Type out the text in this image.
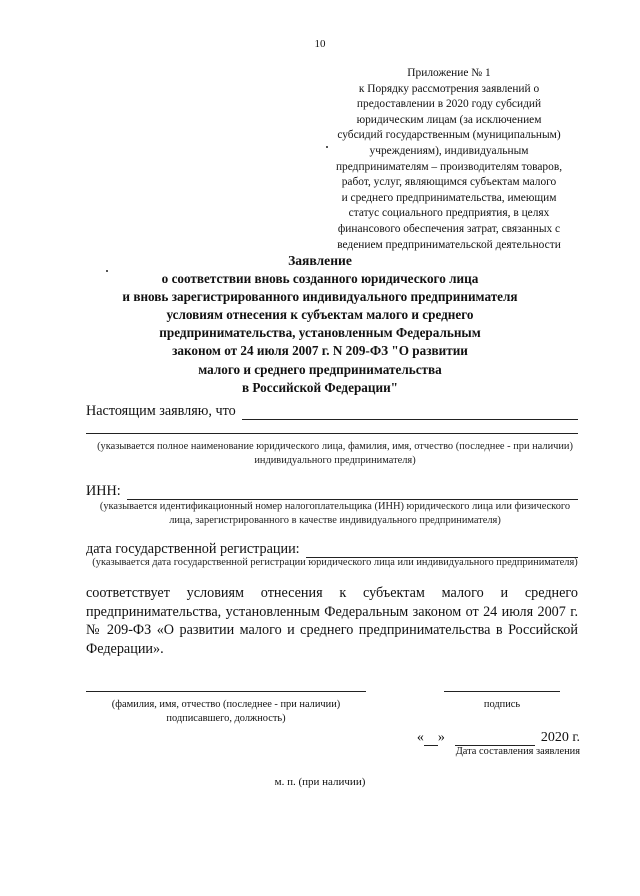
10
Приложение № 1
к Порядку рассмотрения заявлений о
предоставлении в 2020 году субсидий
юридическим лицам (за исключением
субсидий государственным (муниципальным)
учреждениям), индивидуальным
предпринимателям – производителям товаров,
работ, услуг, являющимся субъектам малого
и среднего предпринимательства, имеющим
статус социального предприятия, в целях
финансового обеспечения затрат, связанных с
ведением предпринимательской деятельности
Заявление
о соответствии вновь созданного юридического лица
и вновь зарегистрированного индивидуального предпринимателя
условиям отнесения к субъектам малого и среднего
предпринимательства, установленным Федеральным
законом от 24 июля 2007 г. N 209-ФЗ "О развитии
малого и среднего предпринимательства
в Российской Федерации"
Настоящим заявляю, что
(указывается полное наименование юридического лица, фамилия, имя, отчество (последнее - при наличии) индивидуального предпринимателя)
ИНН:
(указывается идентификационный номер налогоплательщика (ИНН) юридического лица или физического лица, зарегистрированного в качестве индивидуального предпринимателя)
дата государственной регистрации:
(указывается дата государственной регистрации юридического лица или индивидуального предпринимателя)
соответствует условиям отнесения к субъектам малого и среднего предпринимательства, установленным Федеральным законом от 24 июля 2007 г. № 209-ФЗ «О развитии малого и среднего предпринимательства в Российской Федерации».
(фамилия, имя, отчество (последнее - при наличии) подписавшего, должность)
подпись
« »	2020 г.
Дата составления заявления
м. п. (при наличии)
